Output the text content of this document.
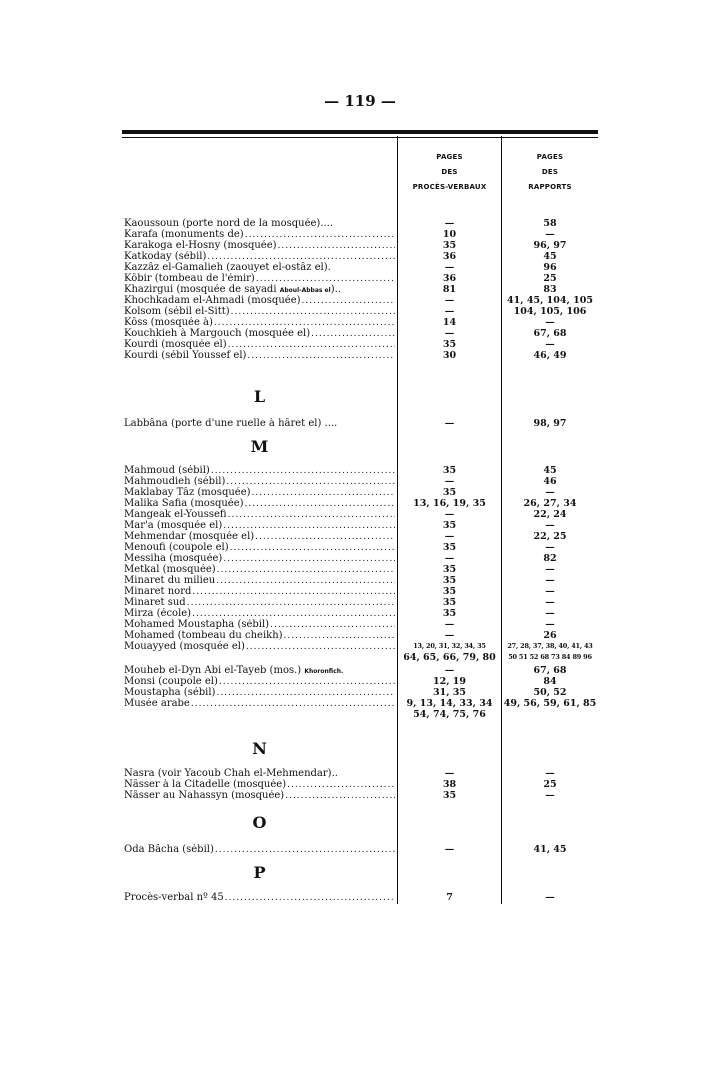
— 119 —
PAGES
DES
PROCÈS-VERBAUX
PAGES
DES
RAPPORTS
Kaoussoun (porte nord de la mosquée)....	—	58
Karafa (monuments de) .....	10	—
Karakoga el-Hosny (mosquée) .....	35	96, 97
Katkoday (sébil) .....	36	45
Kazzâz el-Gamalieh (zaouyet el-ostâz el).	—	96
Kôbir (tombeau de l'émir) .....	36	25
Khazirgui (mosquée de sayadi
Aboul-Abbas el )..	81	83
Khochkadam el-Ahmadi (mosquée) .....	—	41, 45, 104, 105
Kolsom (sébil el-Sitt) .....	—	104, 105, 106
Kôss (mosquée à) .....	14	—
Kouchkieh à Margouch (mosquée el) .....	—	67, 68
Kourdi (mosquée el) .....	35	—
Kourdi (sébil Youssef el) .....	30	46, 49
L
Labbâna (porte d'une ruelle à hâret el) ....	—	98, 97
M
Mahmoud (sébil) .....	35	45
Mahmoudieh (sébil) .....	—	46
Maklabay Tâz (mosquée) .....	35	—
Malika Safia (mosquée) .....	13, 16, 19, 35	26, 27, 34
Mangeak el-Youssefi .....	—	22, 24
Mar'a (mosquée el) .....	35	—
Mehmendar (mosquée el) .....	—	22, 25
Menoufi (coupole el) .....	35	—
Messiha (mosquée) .....	—	82
Metkal (mosquée) .....	35	—
Minaret du milieu .....	35	—
Minaret nord .....	35	—
Minaret sud .....	35	—
Mirza (école) .....	35	—
Mohamed Moustapha (sébil) .....	—	—
Mohamed (tombeau du cheikh) .....	—	26
Mouayyed (mosquée el) .....	13, 20, 31, 32, 34, 35	27, 28, 37, 38, 40, 41, 43
64, 65, 66, 79, 80	50 51 52 68 73 84 89 96
Mouheb el-Dyn Abi el-Tayeb (mos.)
Khoronfich.	—	67, 68
Monsi (coupole el) .....	12, 19	84
Moustapha (sébil) .....	31, 35	50, 52
Musée arabe .....	9, 13, 14, 33, 34	49, 56, 59, 61, 85
54, 74, 75, 76
N
Nasra (voir Yacoub Chah el-Mehmendar)..	—	—
Nâsser à la Citadelle (mosquée) .....	38	25
Nâsser au Nahassyn (mosquée) .....	35	—
O
Oda Bâcha (sébil) .....	—	41, 45
P
Procès-verbal nº 45 .....	7	—
